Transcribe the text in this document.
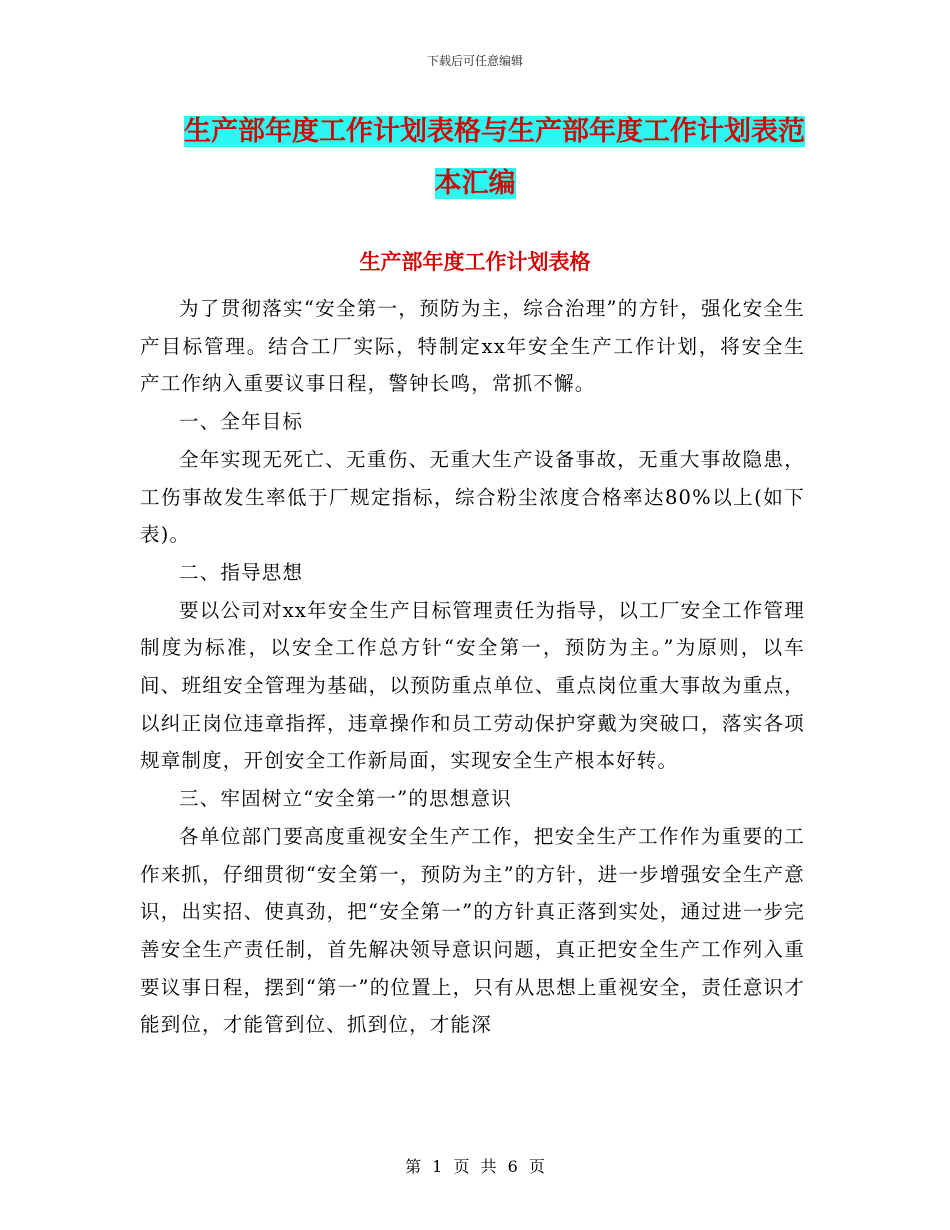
下载后可任意编辑
生产部年度工作计划表格与生产部年度工作计划表范
本汇编
生产部年度工作计划表格

为了贯彻落实“安全第一，预防为主，综合治理”的方针，强化安全生产目标管理。结合工厂实际，特制定xx年安全生产工作计划，将安全生产工作纳入重要议事日程，警钟长鸣，常抓不懈。

一、全年目标

全年实现无死亡、无重伤、无重大生产设备事故，无重大事故隐患，工伤事故发生率低于厂规定指标，综合粉尘浓度合格率达80%以上(如下表)。

二、指导思想

要以公司对xx年安全生产目标管理责任为指导，以工厂安全工作管理制度为标准，以安全工作总方针“安全第一，预防为主。”为原则，以车间、班组安全管理为基础，以预防重点单位、重点岗位重大事故为重点，以纠正岗位违章指挥，违章操作和员工劳动保护穿戴为突破口，落实各项规章制度，开创安全工作新局面，实现安全生产根本好转。

三、牢固树立“安全第一”的思想意识

各单位部门要高度重视安全生产工作，把安全生产工作作为重要的工作来抓，仔细贯彻“安全第一，预防为主”的方针，进一步增强安全生产意识，出实招、使真劲，把“安全第一”的方针真正落到实处，通过进一步完善安全生产责任制，首先解决领导意识问题，真正把安全生产工作列入重要议事日程，摆到“第一”的位置上，只有从思想上重视安全，责任意识才能到位，才能管到位、抓到位，才能深

第 1 页 共 6 页
